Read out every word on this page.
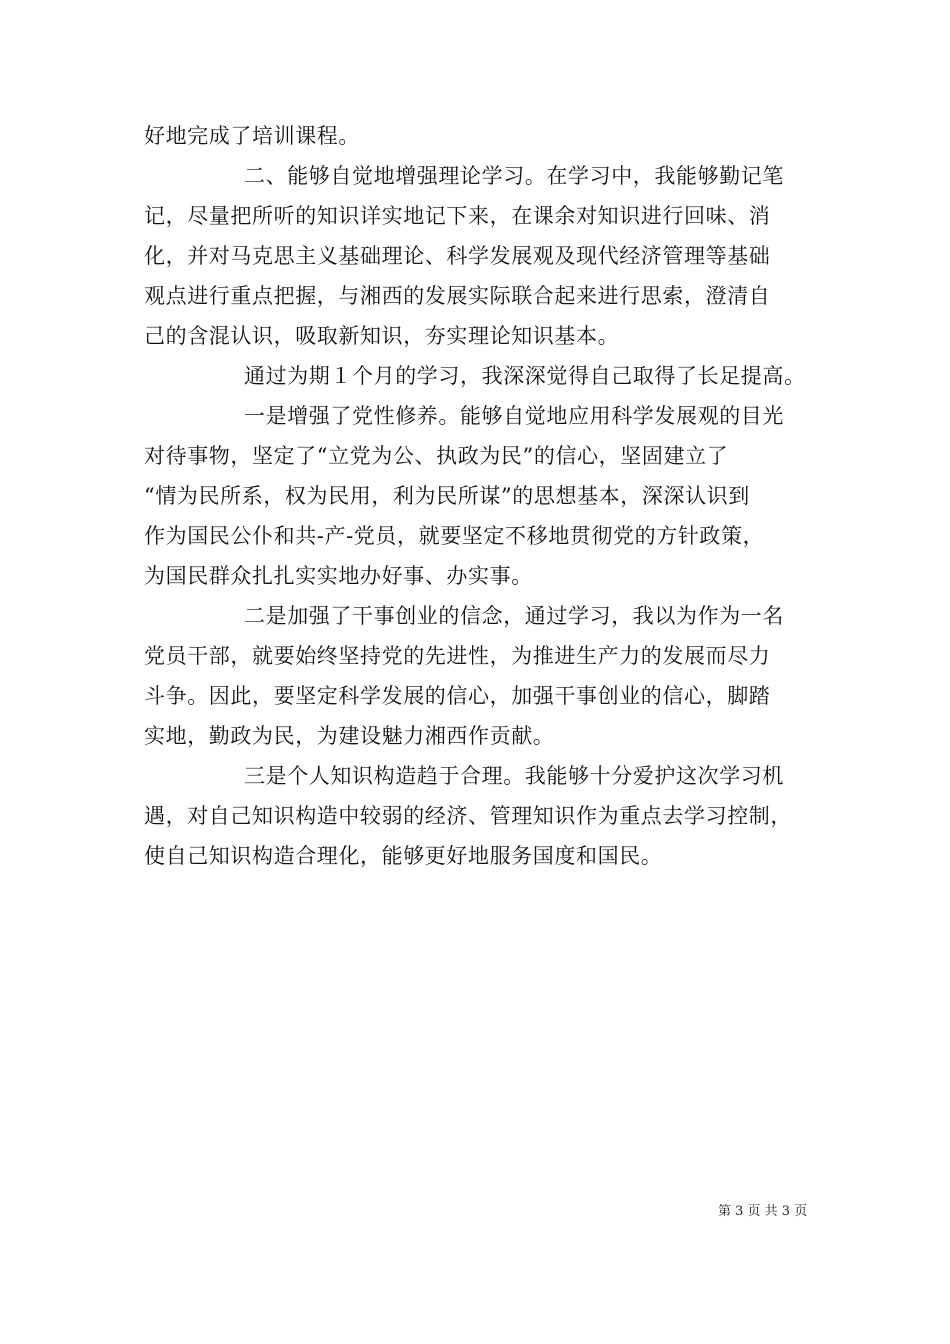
好地完成了培训课程。
二、能够自觉地增强理论学习。在学习中，我能够勤记笔
记，尽量把所听的知识详实地记下来，在课余对知识进行回味、消
化，并对马克思主义基础理论、科学发展观及现代经济管理等基础
观点进行重点把握，与湘西的发展实际联合起来进行思索，澄清自
己的含混认识，吸取新知识，夯实理论知识基本。
通过为期１个月的学习，我深深觉得自己取得了长足提高。
一是增强了党性修养。能够自觉地应用科学发展观的目光
对待事物，坚定了“立党为公、执政为民”的信心，坚固建立了
“情为民所系，权为民用，利为民所谋”的思想基本，深深认识到
作为国民公仆和共-产-党员，就要坚定不移地贯彻党的方针政策，
为国民群众扎扎实实地办好事、办实事。
二是加强了干事创业的信念，通过学习，我以为作为一名
党员干部，就要始终坚持党的先进性，为推进生产力的发展而尽力
斗争。因此，要坚定科学发展的信心，加强干事创业的信心，脚踏
实地，勤政为民，为建设魅力湘西作贡献。
三是个人知识构造趋于合理。我能够十分爱护这次学习机
遇，对自己知识构造中较弱的经济、管理知识作为重点去学习控制，
使自己知识构造合理化，能够更好地服务国度和国民。
第 3 页 共 3 页
